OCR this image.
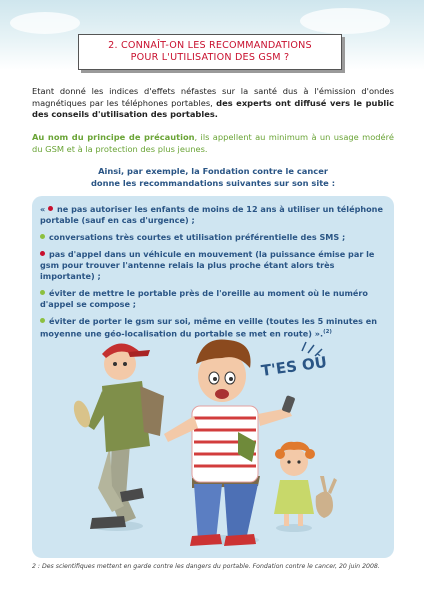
2. CONNAÎT-ON LES RECOMMANDATIONS
POUR L'UTILISATION DES GSM ?
Etant donné les indices d'effets néfastes sur la santé dus à l'émission d'ondes magnétiques par les téléphones portables, des experts ont diffusé vers le public des conseils d'utilisation des portables.
Au nom du principe de précaution, ils appellent au minimum à un usage modéré du GSM et à la protection des plus jeunes.
Ainsi, par exemple, la Fondation contre le cancer
donne les recommandations suivantes sur son site :
« ne pas autoriser les enfants de moins de 12 ans à utiliser un téléphone portable (sauf en cas d'urgence) ;
conversations très courtes et utilisation préférentielle des SMS ;
pas d'appel dans un véhicule en mouvement (la puissance émise par le gsm pour trouver l'antenne relais la plus proche étant alors très importante) ;
éviter de mettre le portable près de l'oreille au moment où le numéro d'appel se compose ;
éviter de porter le gsm sur soi, même en veille (toutes les 5 minutes en moyenne une géo-localisation du portable se met en route) ».$^{(2)}$
T'ES OÙ
2 : Des scientifiques mettent en garde contre les dangers du portable. Fondation contre le cancer, 20 juin 2008.
